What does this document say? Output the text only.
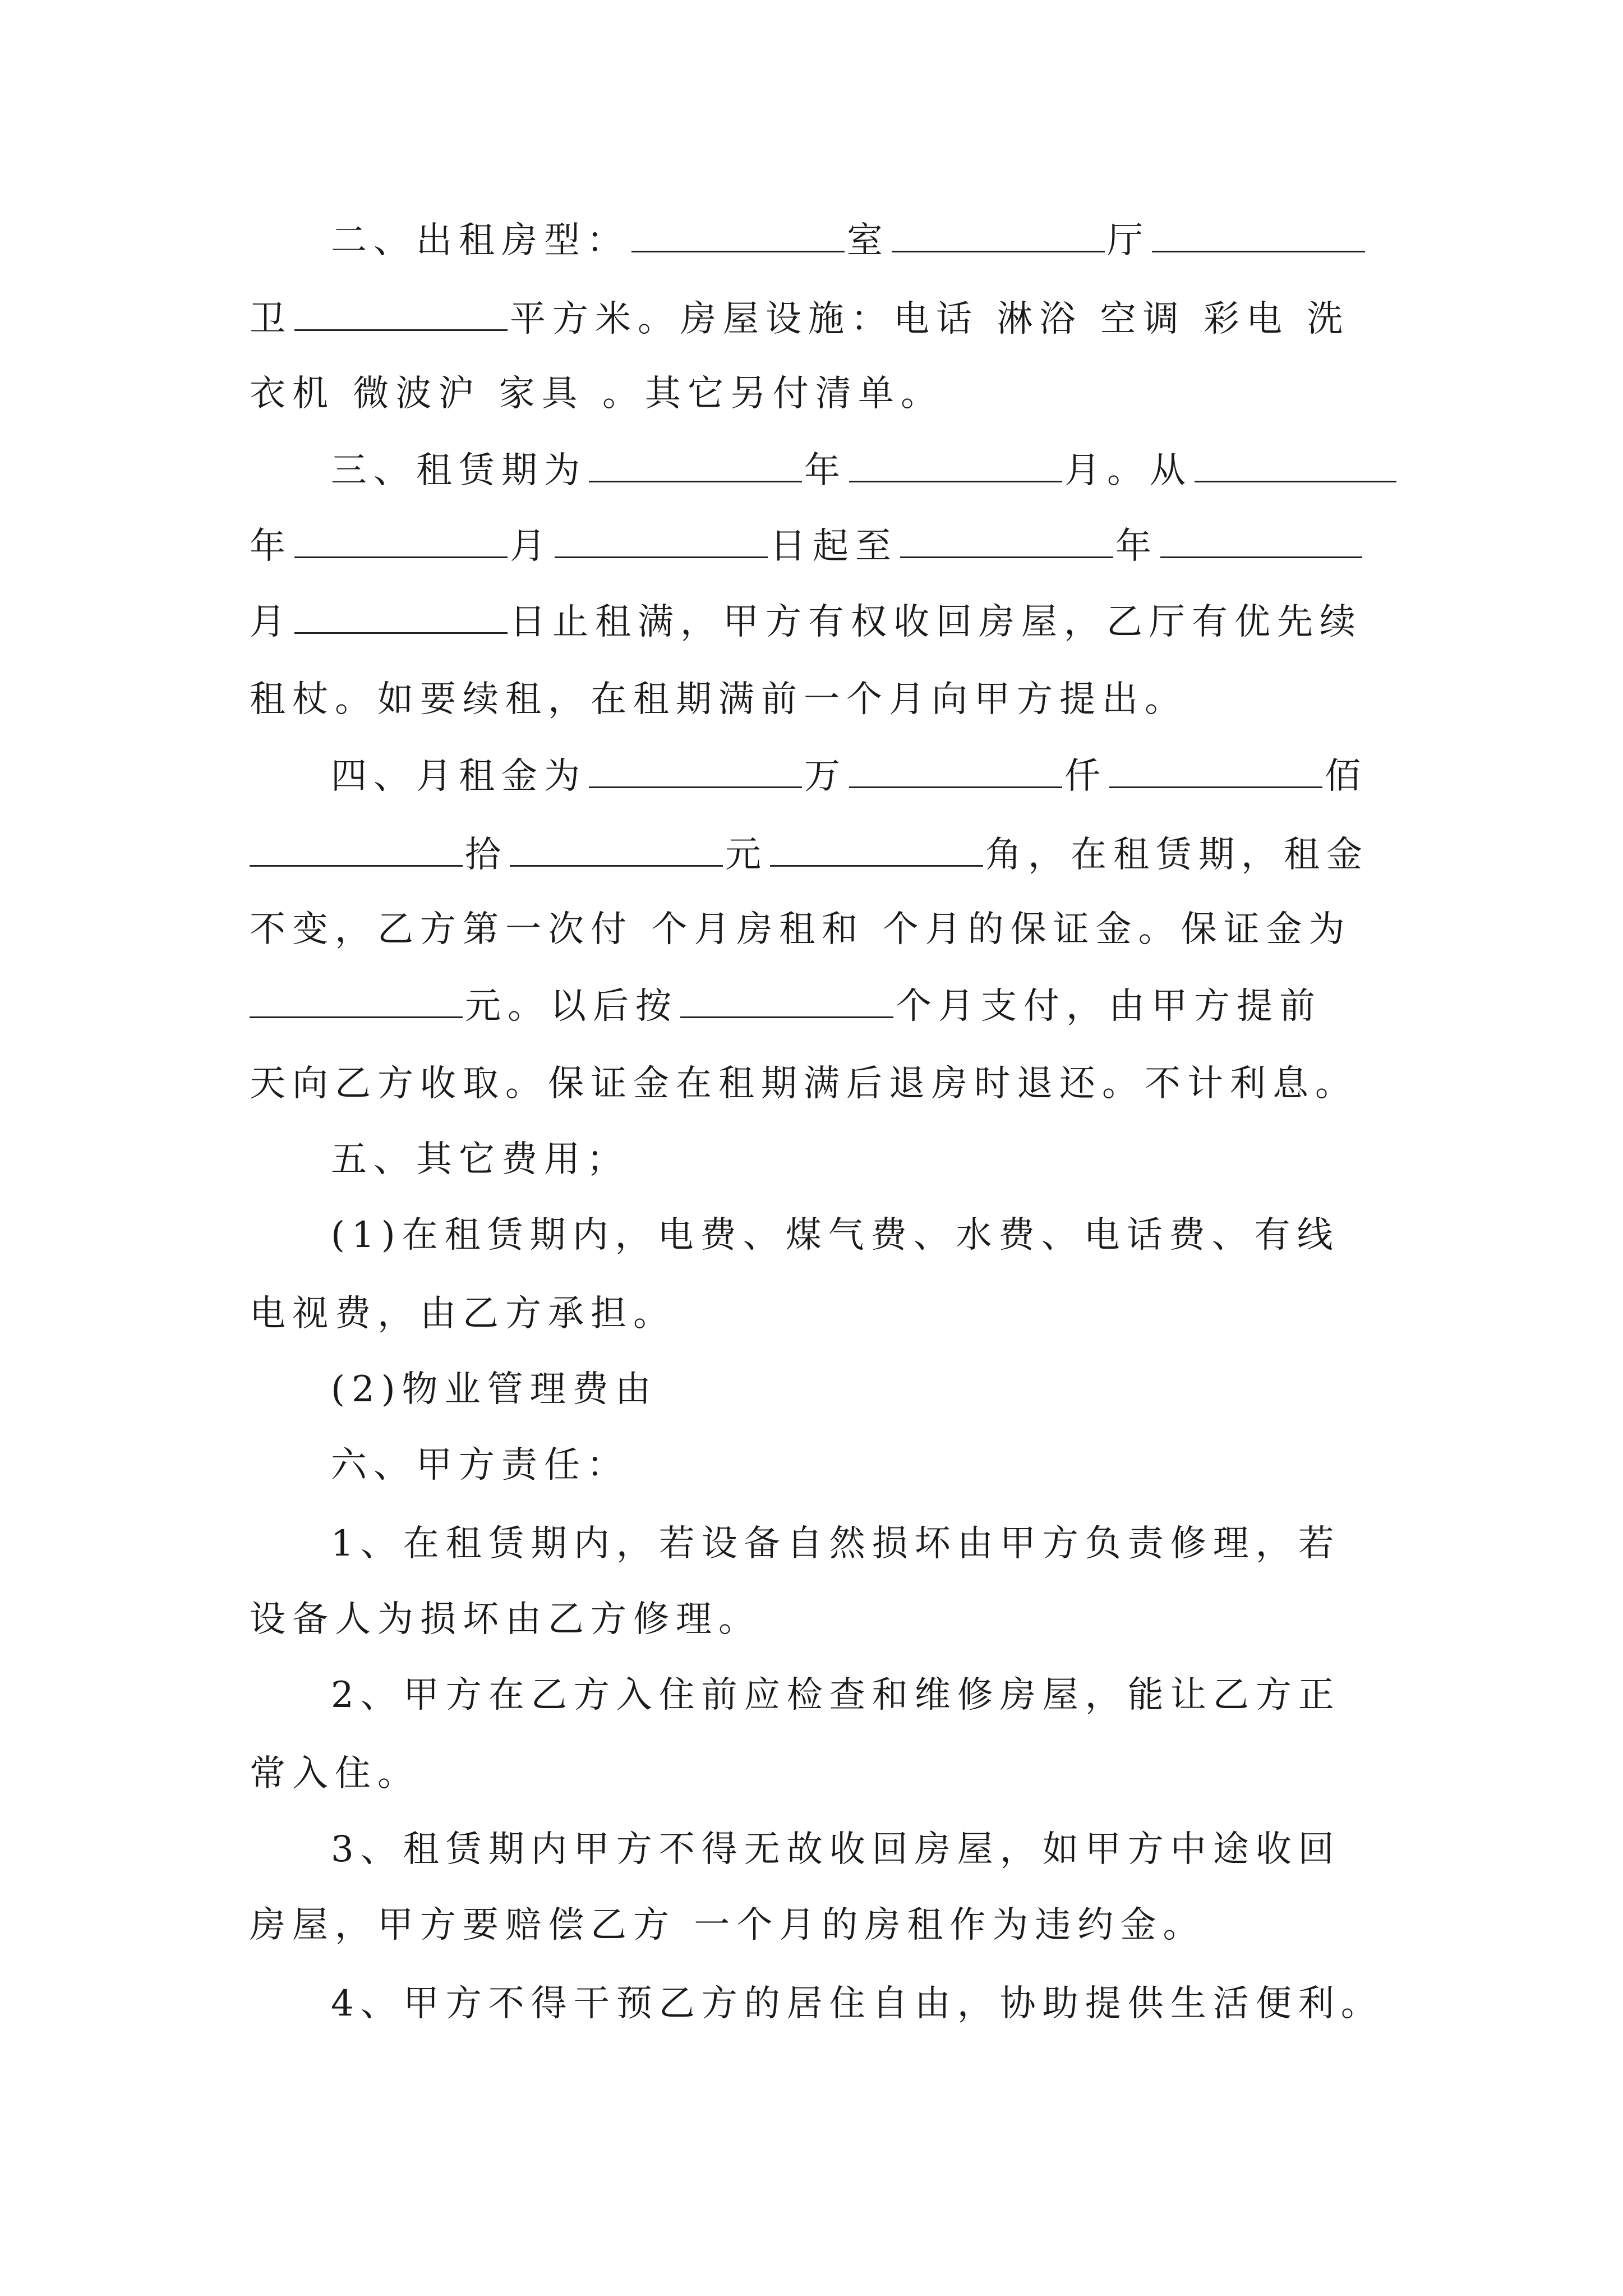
二、出租房型：	室	厅
卫	平方米。房屋设施：电话 淋浴 空调 彩电 洗
衣机 微波沪 家具 。其它另付清单。
三、租赁期为	年	月。从
年	月	日起至	年
月	日止租满，甲方有权收回房屋，乙厅有优先续
租杖。如要续租，在租期满前一个月向甲方提出。
四、月租金为	万	仟	佰
拾	元	角，在租赁期，租金
不变，乙方第一次付 个月房租和 个月的保证金。保证金为
元。以后按	个月支付，由甲方提前
天向乙方收取。保证金在租期满后退房时退还。不计利息。
五、其它费用；
(1)在租赁期内，电费、煤气费、水费、电话费、有线
电视费，由乙方承担。
(2)物业管理费由
六、甲方责任：
1、在租赁期内，若设备自然损坏由甲方负责修理，若
设备人为损坏由乙方修理。
2、甲方在乙方入住前应检查和维修房屋，能让乙方正
常入住。
3、租赁期内甲方不得无故收回房屋，如甲方中途收回
房屋，甲方要赔偿乙方 一个月的房租作为违约金。
4、甲方不得干预乙方的居住自由，协助提供生活便利。
